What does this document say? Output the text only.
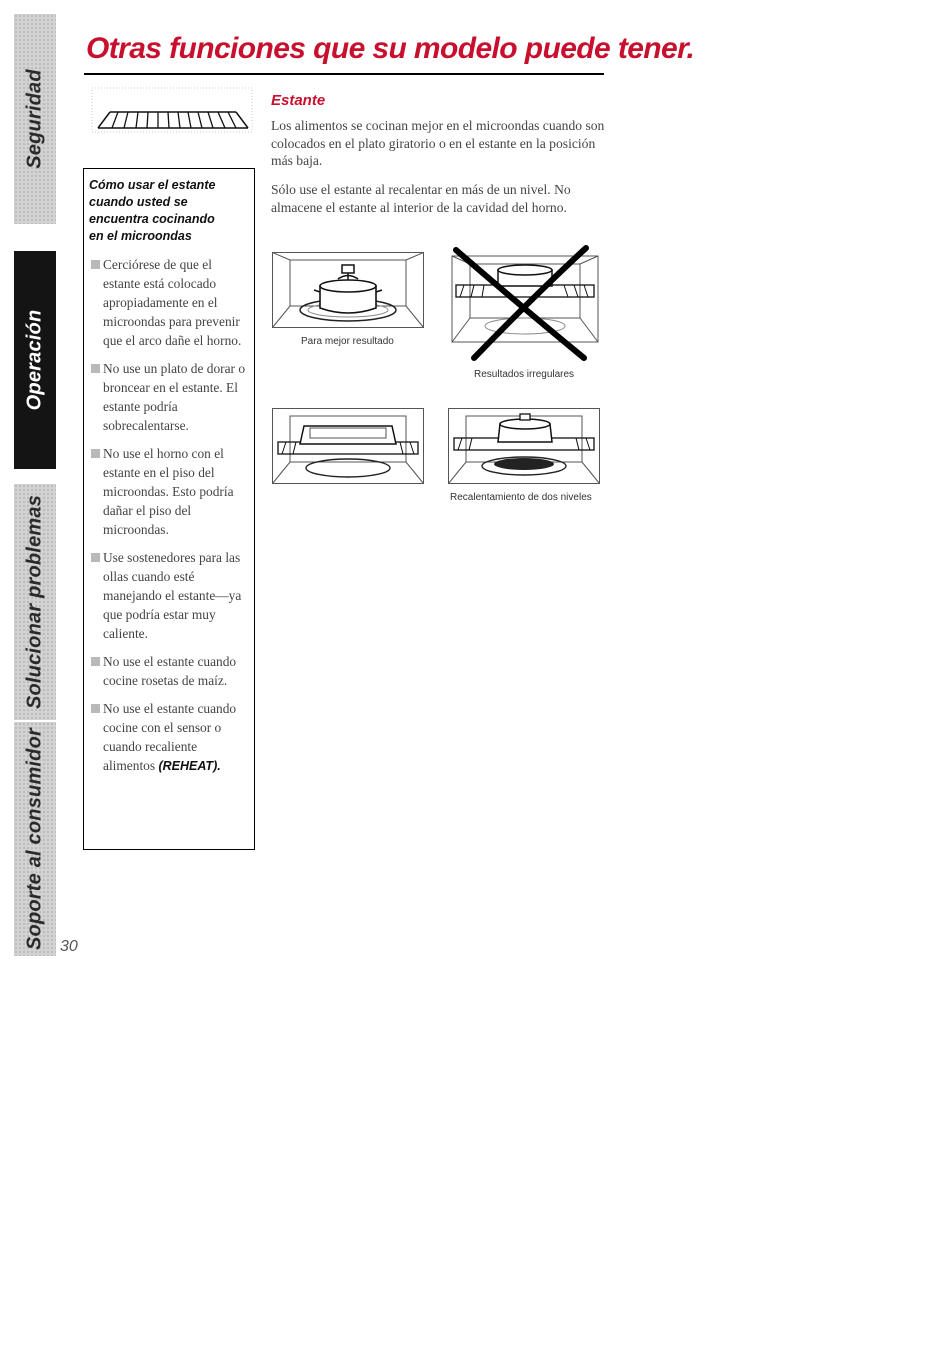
Seguridad
Operación
Solucionar problemas
Soporte al consumidor 30
Otras funciones que su modelo puede tener.
Cómo usar el estante
cuando usted se
encuentra cocinando
en el microondas
Cerciórese de que el estante está colocado apropiadamente en el microondas para prevenir que el arco dañe el horno.
No use un plato de dorar o broncear en el estante. El estante podría sobrecalentarse.
No use el horno con el estante en el piso del microondas. Esto podría dañar el piso del microondas.
Use sostenedores para las ollas cuando esté manejando el estante—ya que podría estar muy caliente.
No use el estante cuando cocine rosetas de maíz.
No use el estante cuando cocine con el sensor o cuando recaliente alimentos (REHEAT).
Estante

Los alimentos se cocinan mejor en el microondas cuando son colocados en el plato giratorio o en el estante en la posición más baja.

Sólo use el estante al recalentar en más de un nivel. No almacene el estante al interior de la cavidad del horno.

Para mejor resultado
Resultados irregulares
Recalentamiento de dos niveles
